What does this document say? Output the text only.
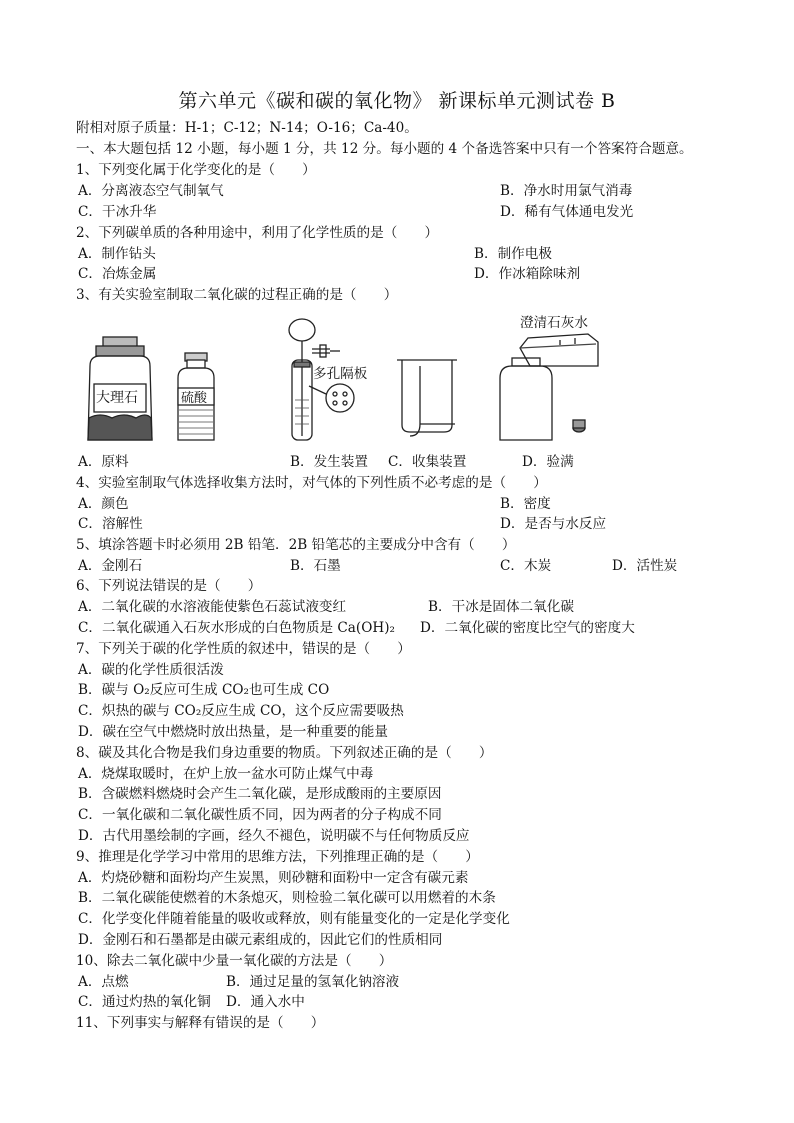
第六单元《碳和碳的氧化物》 新课标单元测试卷 B
附相对原子质量：H-1；C-12；N-14；O-16；Ca-40。
一、本大题包括 12 小题，每小题 1 分，共 12 分。每小题的 4 个备选答案中只有一个答案符合题意。
1、下列变化属于化学变化的是（　　）
A．分离液态空气制氧气	B．净水时用氯气消毒
C．干冰升华	D．稀有气体通电发光
2、下列碳单质的各种用途中，利用了化学性质的是（　　）
A．制作钻头	B．制作电极
C．冶炼金属	D．作冰箱除味剂
3、有关实验室制取二氧化碳的过程正确的是（　　）
大理石	硫酸
多孔隔板
澄清石灰水
A．原料	B．发生装置 C．收集装置	D．验满
4、实验室制取气体选择收集方法时，对气体的下列性质不必考虑的是（　　）
A．颜色	B．密度
C．溶解性	D．是否与水反应
5、填涂答题卡时必须用 2B 铅笔．2B 铅笔芯的主要成分中含有（　　）
A．金刚石	B．石墨	C．木炭	D．活性炭
6、下列说法错误的是（　　）
A．二氧化碳的水溶液能使紫色石蕊试液变红	B．干冰是固体二氧化碳
C．二氧化碳通入石灰水形成的白色物质是 Ca(OH)₂ D．二氧化碳的密度比空气的密度大
7、下列关于碳的化学性质的叙述中，错误的是（　　）
A．碳的化学性质很活泼
B．碳与 O₂反应可生成 CO₂也可生成 CO
C．炽热的碳与 CO₂反应生成 CO，这个反应需要吸热
D．碳在空气中燃烧时放出热量，是一种重要的能量
8、碳及其化合物是我们身边重要的物质。下列叙述正确的是（　　）
A．烧煤取暖时，在炉上放一盆水可防止煤气中毒
B．含碳燃料燃烧时会产生二氧化碳，是形成酸雨的主要原因
C．一氧化碳和二氧化碳性质不同，因为两者的分子构成不同
D．古代用墨绘制的字画，经久不褪色，说明碳不与任何物质反应
9、推理是化学学习中常用的思维方法，下列推理正确的是（　　）
A．灼烧砂糖和面粉均产生炭黑，则砂糖和面粉中一定含有碳元素
B．二氧化碳能使燃着的木条熄灭，则检验二氧化碳可以用燃着的木条
C．化学变化伴随着能量的吸收或释放，则有能量变化的一定是化学变化
D．金刚石和石墨都是由碳元素组成的，因此它们的性质相同
10、除去二氧化碳中少量一氧化碳的方法是（　　）
A．点燃	B．通过足量的氢氧化钠溶液
C．通过灼热的氧化铜 D．通入水中
11、下列事实与解释有错误的是（　　）
